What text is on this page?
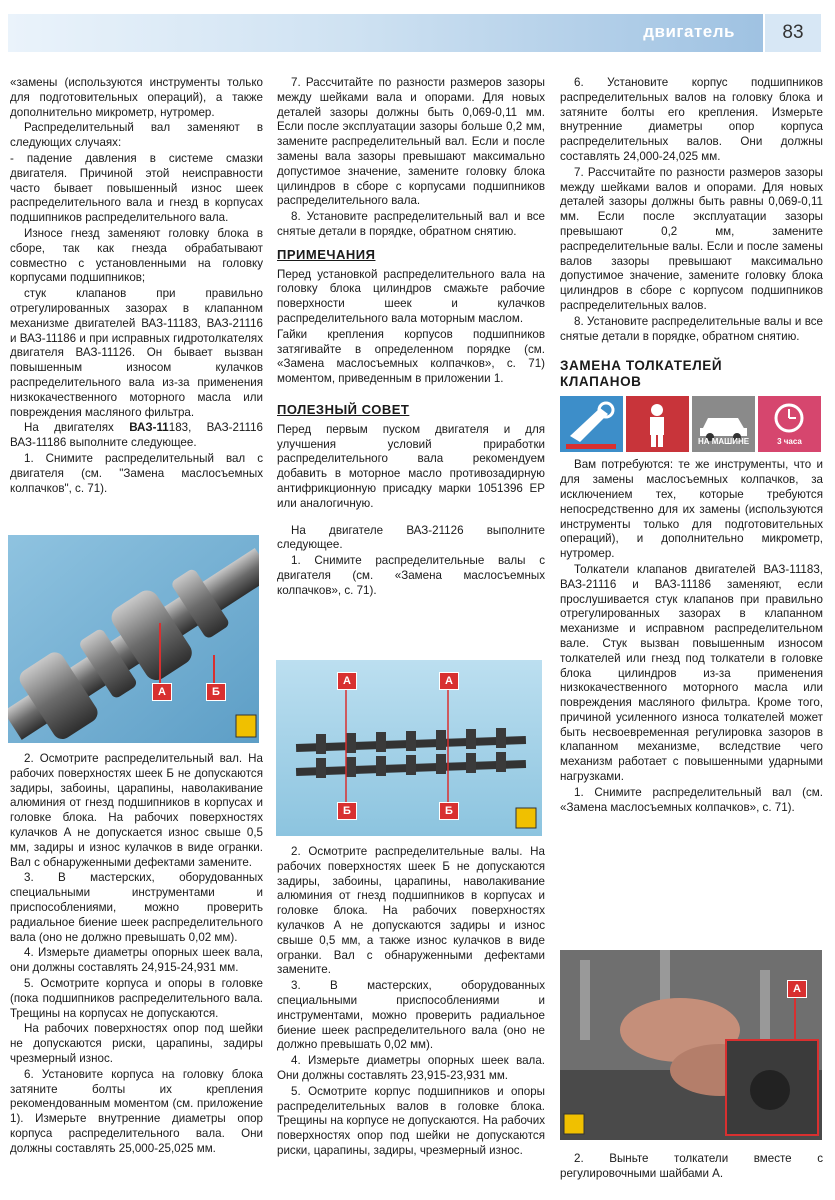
двигатель	83

«замены (используются инструменты только для подготовительных операций), а также дополнительно микрометр, нутромер.

Распределительный вал заменяют в следующих случаях:

- падение давления в системе смазки двигателя. Причиной этой неисправности часто бывает повышенный износ шеек распределительного вала и гнезд в корпусах подшипников распределительного вала.

Износе гнезд заменяют головку блока в сборе, так как гнезда обрабатывают совместно с установленными на головку корпусами подшипников;

стук клапанов при правильно отрегулированных зазорах в клапанном механизме двигателей ВАЗ-11183, ВАЗ-21116 и ВАЗ-11186 и при исправных гидротолкателях двигателя ВАЗ-11126. Он бывает вызван повышенным износом кулачков распределительного вала из-за применения низкокачественного моторного масла или повреждения масляного фильтра.

На двигателях ВАЗ-11183, ВАЗ-21116 ВАЗ-11186 выполните следующее.

1. Снимите распределительный вал с двигателя (см. "Замена маслосъемных колпачков", с. 71).

А	Б

2. Осмотрите распределительный вал. На рабочих поверхностях шеек Б не допускаются задиры, забоины, царапины, наволакивание алюминия от гнезд подшипников в корпусах и головке блока. На рабочих поверхностях кулачков А не допускается износ свыше 0,5 мм, задиры и износ кулачков в виде огранки. Вал с обнаруженными дефектами замените.

3. В мастерских, оборудованных специальными инструментами и приспособлениями, можно проверить радиальное биение шеек распределительного вала (оно не должно превышать 0,02 мм).

4. Измерьте диаметры опорных шеек вала, они должны составлять 24,915-24,931 мм.

5. Осмотрите корпуса и опоры в головке (пока подшипников распределительного вала. Трещины на корпусах не допускаются.

На рабочих поверхностях опор под шейки не допускаются риски, царапины, задиры чрезмерный износ.

6. Установите корпуса на головку блока затяните болты их крепления рекомендованным моментом (см. приложение 1). Измерьте внутренние диаметры опор корпуса распределительного вала. Они должны составлять 25,000-25,025 мм.

7. Рассчитайте по разности размеров зазоры между шейками вала и опорами. Для новых деталей зазоры должны быть 0,069-0,11 мм. Если после эксплуатации зазоры больше 0,2 мм, замените распределительный вал. Если и после замены вала зазоры превышают максимально допустимое значение, замените головку блока цилиндров в сборе с корпусами подшипников распределительного вала.

8. Установите распределительный вал и все снятые детали в порядке, обратном снятию.

ПРИМЕЧАНИЯ

Перед установкой распределительного вала на головку блока цилиндров смажьте рабочие поверхности шеек и кулачков распределительного вала моторным маслом.

Гайки крепления корпусов подшипников затягивайте в определенном порядке (см. «Замена маслосъемных колпачков», с. 71) моментом, приведенным в приложении 1.

ПОЛЕЗНЫЙ СОВЕТ

Перед первым пуском двигателя и для улучшения условий приработки распределительного вала рекомендуем добавить в моторное масло противозадирную антифрикционную присадку марки 1051396 ЕР или аналогичную.

На двигателе ВАЗ-21126 выполните следующее.

1. Снимите распределительные валы с двигателя (см. «Замена маслосъемных колпачков», с. 71).

А	А
Б	Б

2. Осмотрите распределительные валы. На рабочих поверхностях шеек Б не допускаются задиры, забоины, царапины, наволакивание алюминия от гнезд подшипников в корпусах и головке блока. На рабочих поверхностях кулачков А не допускаются задиры и износ свыше 0,5 мм, а также износ кулачков в виде огранки. Вал с обнаруженными дефектами замените.

3. В мастерских, оборудованных специальными приспособлениями и инструментами, можно проверить радиальное биение шеек распределительного вала (оно не должно превышать 0,02 мм).

4. Измерьте диаметры опорных шеек вала. Они должны составлять 23,915-23,931 мм.

5. Осмотрите корпус подшипников и опоры распределительных валов в головке блока. Трещины на корпусе не допускаются. На рабочих поверхностях опор под шейки не допускаются риски, царапины, задиры, чрезмерный износ.

6. Установите корпус подшипников распределительных валов на головку блока и затяните болты его крепления. Измерьте внутренние диаметры опор корпуса распределительных валов. Они должны составлять 24,000-24,025 мм.

7. Рассчитайте по разности размеров зазоры между шейками валов и опорами. Для новых деталей зазоры должны быть равны 0,069-0,11 мм. Если после эксплуатации зазоры превышают 0,2 мм, замените распределительные валы. Если и после замены валов зазоры превышают максимально допустимое значение, замените головку блока цилиндров в сборе с корпусом подшипников распределительных валов.

8. Установите распределительные валы и все снятые детали в порядке, обратном снятию.

ЗАМЕНА ТОЛКАТЕЛЕЙ
КЛАПАНОВ
НА МАШИНЕ	3 часа

Вам потребуются: те же инструменты, что и для замены маслосъемных колпачков, за исключением тех, которые требуются непосредственно для их замены (используются инструменты только для подготовительных операций), и дополнительно микрометр, нутромер.

Толкатели клапанов двигателей ВАЗ-11183, ВАЗ-21116 и ВАЗ-11186 заменяют, если прослушивается стук клапанов при правильно отрегулированных зазорах в клапанном механизме и исправном распределительном вале. Стук вызван повышенным износом толкателей или гнезд под толкатели в головке блока цилиндров из-за применения низкокачественного моторного масла или повреждения масляного фильтра. Кроме того, причиной усиленного износа толкателей может быть несвоевременная регулировка зазоров в клапанном механизме, вследствие чего механизм работает с повышенными ударными нагрузками.

1. Снимите распределительный вал (см. «Замена маслосъемных колпачков», с. 71).

А

2. Выньте толкатели вместе с регулировочными шайбами А.
